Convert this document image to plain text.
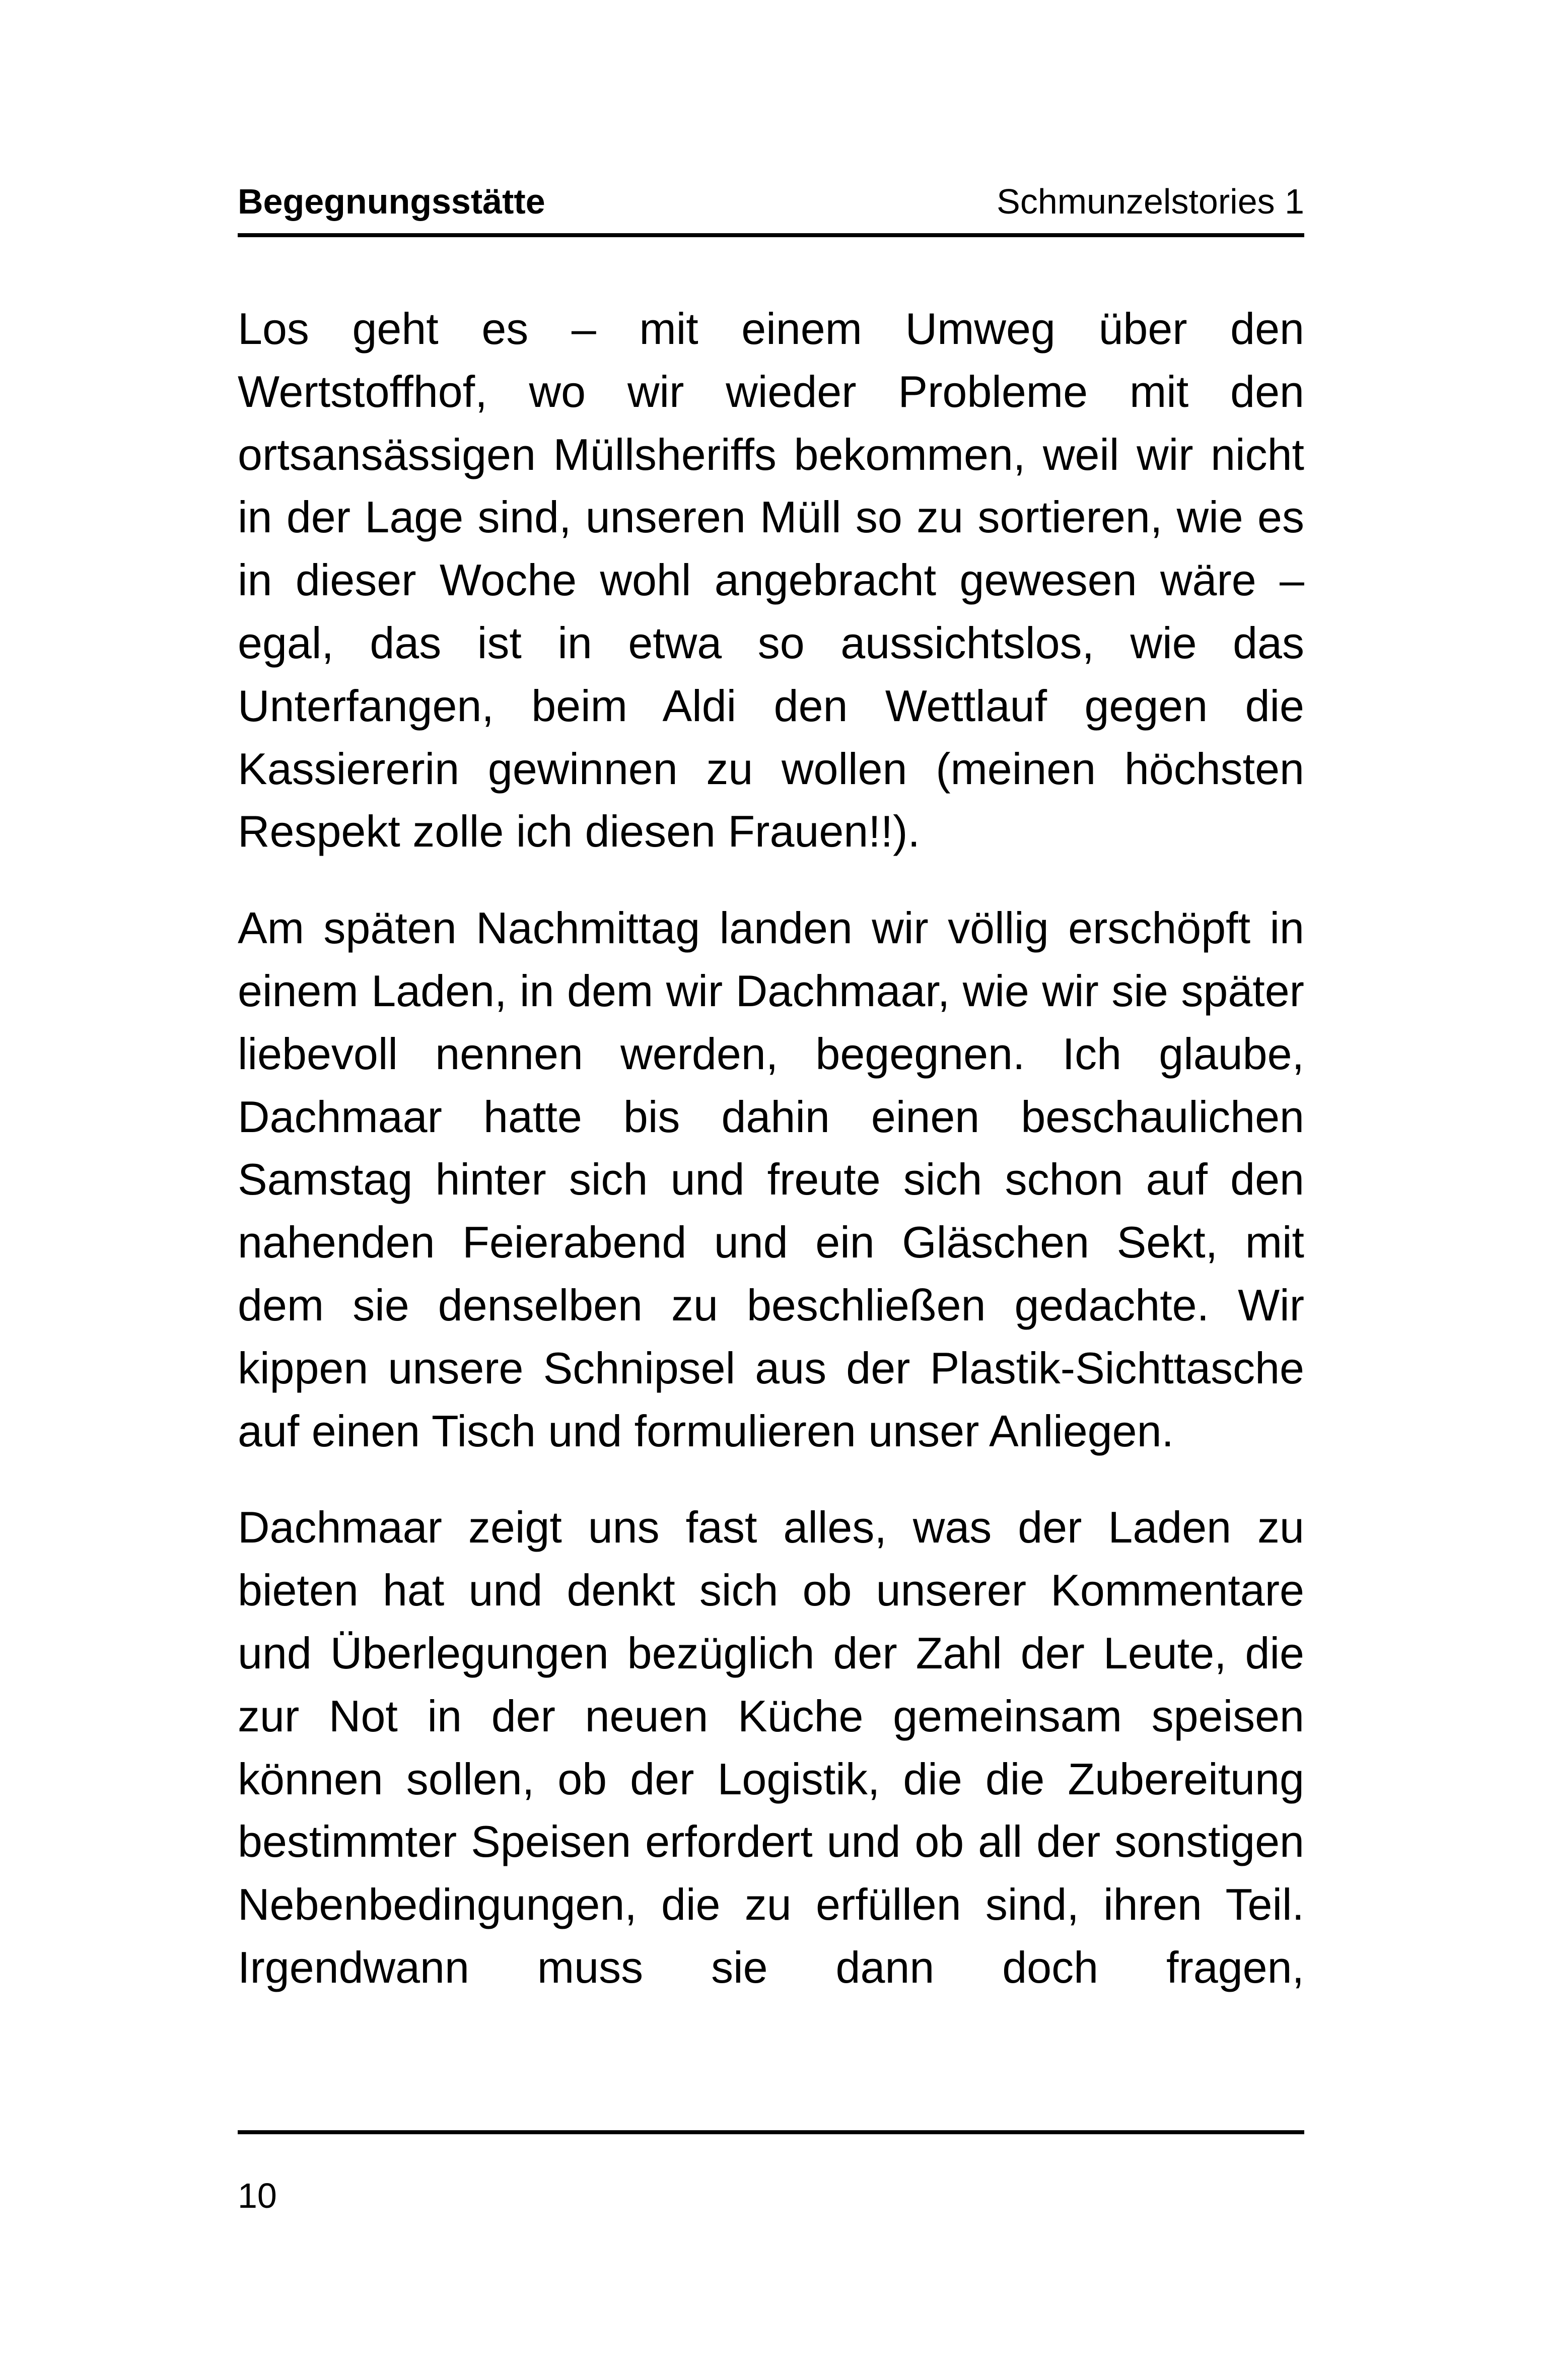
Begegnungsstätte	Schmunzelstories 1

Los geht es – mit einem Umweg über den Wertstoffhof, wo wir wieder Probleme mit den ortsansässigen Müllsheriffs bekommen, weil wir nicht in der Lage sind, unseren Müll so zu sortieren, wie es in dieser Woche wohl angebracht gewesen wäre – egal, das ist in etwa so aussichtslos, wie das Unterfangen, beim Aldi den Wettlauf gegen die Kassiererin gewinnen zu wollen (meinen höchsten Respekt zolle ich diesen Frauen!!).

Am späten Nachmittag landen wir völlig erschöpft in einem Laden, in dem wir Dachmaar, wie wir sie später liebevoll nennen werden, begegnen. Ich glaube, Dachmaar hatte bis dahin einen beschaulichen Samstag hinter sich und freute sich schon auf den nahenden Feierabend und ein Gläschen Sekt, mit dem sie denselben zu beschließen gedachte. Wir kippen unsere Schnipsel aus der Plastik-Sichttasche auf einen Tisch und formulieren unser Anliegen.

Dachmaar zeigt uns fast alles, was der Laden zu bieten hat und denkt sich ob unserer Kommentare und Überlegungen bezüglich der Zahl der Leute, die zur Not in der neuen Küche gemeinsam speisen können sollen, ob der Logistik, die die Zubereitung bestimmter Speisen erfordert und ob all der sonstigen Nebenbedingungen, die zu erfüllen sind, ihren Teil. Irgendwann muss sie dann doch fragen,

10
